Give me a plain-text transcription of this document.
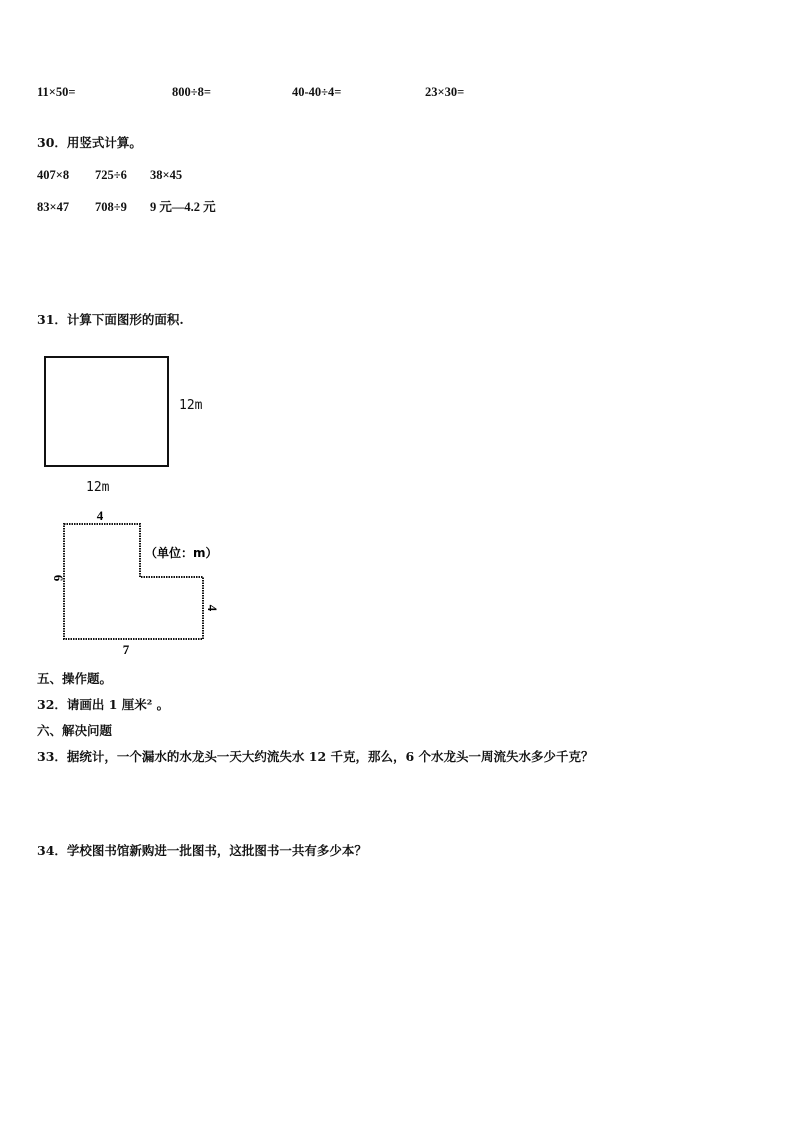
11×50=	800÷8=	40-40÷4=	23×30=
30．用竖式计算。
407×8 725÷6 38×45
83×47 708÷9 9 元—4.2 元
31．计算下面图形的面积.
12m
12m
4
4
6
7
（单位：m）
五、操作题。
32．请画出 1 厘米² 。
六、解决问题
33．据统计，一个漏水的水龙头一天大约流失水 12 千克，那么，6 个水龙头一周流失水多少千克？
34．学校图书馆新购进一批图书，这批图书一共有多少本？
